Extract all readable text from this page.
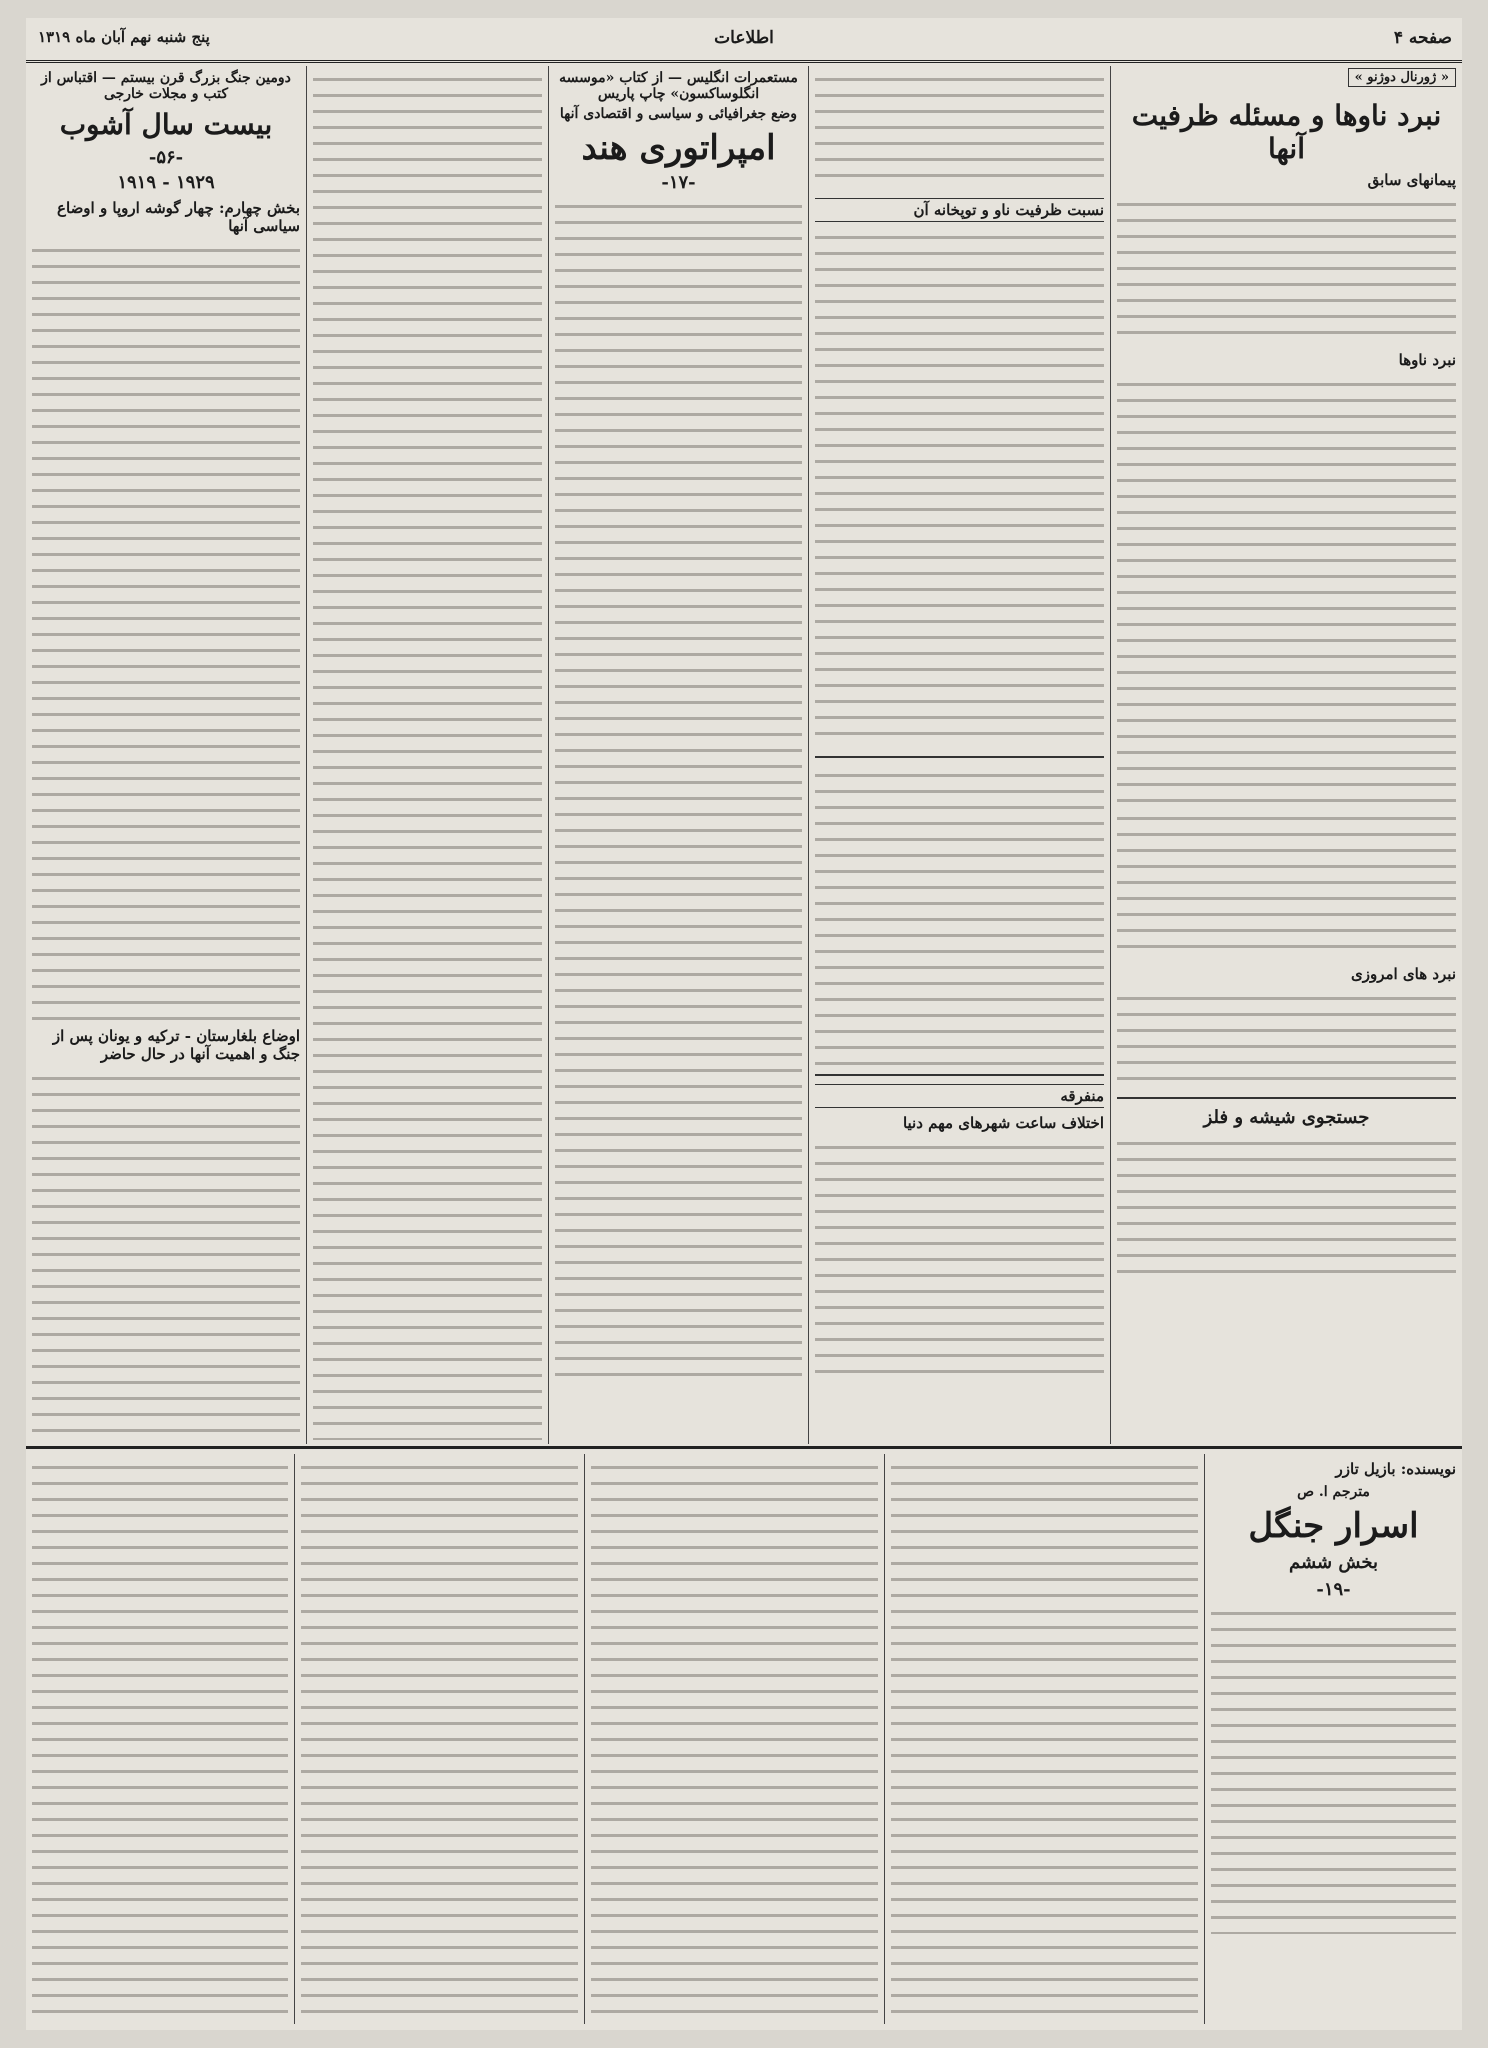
صفحه ۴
اطلاعات
پنج شنبه نهم آبان ماه ۱۳۱۹
« ژورنال دوژنو »
نبرد ناوها و مسئله ظرفیت آنها
پیمانهای سابق
نبرد ناوها
نبرد های امروزی
جستجوی شیشه و فلز
نسبت ظرفیت ناو و توپخانه آن
منفرقه
اختلاف ساعت شهرهای مهم دنیا
مستعمرات انگلیس — از کتاب «موسسه انگلوساکسون» چاپ پاریس
وضع جغرافیائی و سیاسی و اقتصادی آنها
امپراتوری هند
-۱۷-
دومین جنگ بزرگ قرن بیستم — اقتباس از کتب و مجلات خارجی
بیست سال آشوب
-۵۶-
۱۹۲۹ - ۱۹۱۹
بخش چهارم: چهار گوشه اروپا و اوضاع سیاسی آنها
اوضاع بلغارستان - ترکیه و یونان پس از جنگ و اهمیت آنها در حال حاضر
نویسنده: بازیل تازر
مترجم ا. ص
اسرار جنگل
بخش ششم
-۱۹-
